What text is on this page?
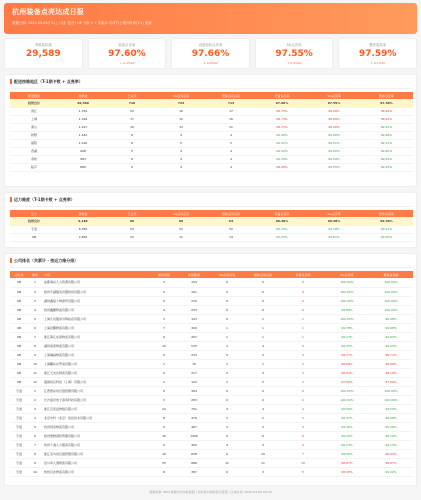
杭州装备点亮达成日报
数据日期: 2025-04-05(T-1) | 口径: 包含+UE 当前 2 + 实际/1 年(TT) | 统计时间(T-1) 更新
考核装机数
29,589
装备点亮率
97.60%
↓ 0.1%pt
设备验收点亮率
97.66%
↓ 0.1%pt
5G点亮率
97.55%
↓ 0.1%pt
整体装机率
97.59%
↓ 0.1%pt
配送按维地区（T-1期卡数 + 点亮率）
配送维度	装机数	已点亮	5G点亮点亮	整体点亮点亮	设备点亮率	5G点亮率	整体点亮率
杭州合计	29,589	716	724	714	97.60%	97.55%	97.59%
滨江	1,764	22	16	17	98.75%	98.08%	98.96%
上城	1,349	17	15	16	98.74%	98.89%	98.81%
萧山	1,247	16	13	11	98.72%	98.96%	99.12%
拱墅	1,182	6	4	4	99.49%	99.66%	99.66%
富阳	1,016	6	5	3	99.41%	99.51%	99.70%
西湖	998	5	4	4	99.50%	99.60%	99.60%
余杭	983	6	4	4	99.39%	99.59%	99.59%
临平	880	9	4	4	98.98%	99.55%	99.55%
运力维度（T-1期卡数 + 点亮率）
运力	装机数	已点亮	5G点亮点亮	整体点亮点亮	设备点亮率	5G点亮率	整体点亮率
杭州合计	9,182	66	66	64	99.28%	99.28%	99.30%
专送	6,356	54	52	50	99.15%	99.18%	99.21%
UB	2,826	22	11	14	99.22%	99.61%	99.50%
公司排名（共累计 · 按运力维分排）
运力类	排名	公司	装机条数	实际数量	5G点亮点亮	整体点亮点亮	设备点亮率	5G点亮率	整体点亮率	
UB	1	成都润东人力资源有限公司	3	154	0	0	0	100.00%	100.00%	
UB	2	杭州平湖服务有限杭州有限公司	5	161	0	0	0	100.00%	100.00%	
UB	3	湖州鑫鼎十种商贸有限公司	5	230	0	0	0	100.00%	100.00%	
UB	4	杭州鑫鹏物流有限公司	4	233	0	0	0	99.88%	100.00%	
UB	5	上海久众服务外购政府有限公司	3	193	0	1	1	100.00%	99.48%	
UB	6	上海昆鹏物流有限公司	7	309	1	1	1	99.78%	99.68%	
UB	7	浙江海亿东商物流有限公司	6	267	1	1	1	99.17%	99.63%	
UB	8	湖州鼎泰物流有限公司	10	535	4	4	4	99.25%	99.25%	
UB	9	上海琳鋆物流有限公司	9	233	5	3	3	98.77%	98.71%	
UB	10	上海鹏扶东贸易有限公司	1	76	1	1	1	98.68%	98.68%	
UB	11	浙江天杰达物流有限公司	9	217	2	4	3	98.63%	98.16%	
UB	12	嘉御供应科技（上海）有限公司	3	120	3	3	3	97.50%	97.50%	
专送	1	江西德东供应链管理有限公司	9	364	0	0	0	100.00%	100.00%	
专送	2	长沙盛众电子商务科技有限公司	3	283	0	0	0	100.00%	100.00%	
专送	3	浙江百奕货物链有限公司	22	791	4	4	4	99.50%	99.50%	
专送	4	北京中科（北京）信息技术有限公司	8	476	3	2	3	99.37%	99.58%	
专送	5	杭州同家物流有限公司	9	467	3	3	3	99.36%	99.36%	
专送	6	杭州惠鲜餐饮管理有限公司	16	1006	9	8	8	99.10%	99.10%	
专送	7	杭州十速人力服务有限公司	9	460	4	4	4	99.13%	99.13%	
专送	8	浙江菜鸟供应链管理有限公司	16	638	6	10	7	99.06%	98.43%	
专送	9	四川卓人道物流有限公司	25	886	11	11	10	98.67%	98.67%	
专送	10	杭州百亦物流有限公司	8	387	6	3	5	98.45%	99.22%	
数据来源: BPM 数据中台实时监测 | 如有疑问请联系运营组 | 生成时间: 2025-04-06 08:00
